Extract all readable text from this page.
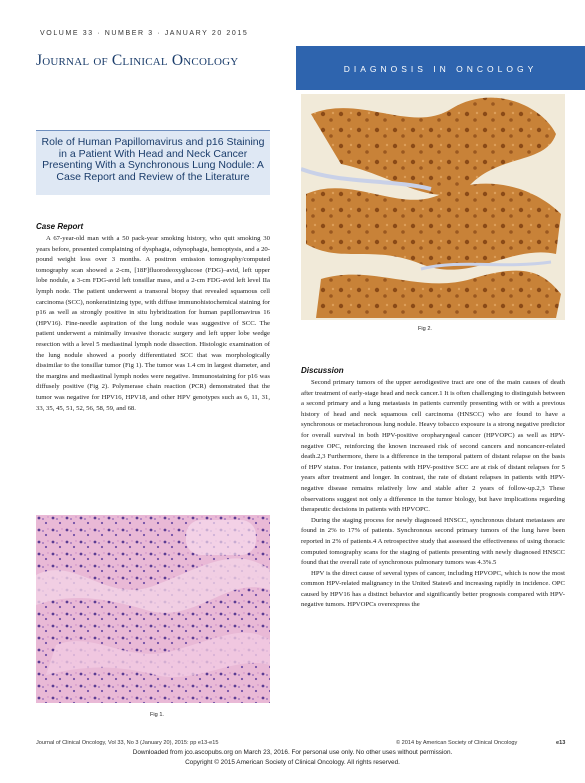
VOLUME 33 · NUMBER 3 · JANUARY 20 2015
Journal of Clinical Oncology	DIAGNOSIS IN ONCOLOGY
Role of Human Papillomavirus and p16 Staining in a Patient With Head and Neck Cancer Presenting With a Synchronous Lung Nodule: A Case Report and Review of the Literature
Case Report

A 67-year-old man with a 50 pack-year smoking history, who quit smoking 30 years before, presented complaining of dysphagia, odynophagia, hemoptysis, and a 20-pound weight loss over 3 months. A positron emission tomography/computed tomography scan showed a 2-cm, [18F]fluorodeoxyglucose (FDG)–avid, left upper lobe nodule, a 3-cm FDG-avid left tonsillar mass, and a 2-cm FDG-avid left level IIa lymph node. The patient underwent a transoral biopsy that revealed squamous cell carcinoma (SCC), nonkeratinizing type, with diffuse immunohistochemical staining for p16 as well as strongly positive in situ hybridization for human papillomavirus 16 (HPV16). Fine-needle aspiration of the lung nodule was suggestive of SCC. The patient underwent a minimally invasive thoracic surgery and left upper lobe wedge resection with a level 5 mediastinal lymph node dissection. Histologic examination of the lung nodule showed a poorly differentiated SCC that was morphologically dissimilar to the tonsillar tumor (Fig 1). The tumor was 1.4 cm in largest diameter, and the margins and mediastinal lymph nodes were negative. Immunostaining for p16 was diffusely positive (Fig 2). Polymerase chain reaction (PCR) demonstrated that the tumor was negative for HPV16, HPV18, and other HPV genotypes such as 6, 11, 31, 33, 35, 45, 51, 52, 56, 58, 59, and 68.

Fig 1.
Fig 2.
Discussion

Second primary tumors of the upper aerodigestive tract are one of the main causes of death after treatment of early-stage head and neck cancer.1 It is often challenging to distinguish between a second primary and a lung metastasis in patients currently presenting with or with a previous history of head and neck squamous cell carcinoma (HNSCC) who are found to have a synchronous or metachronous lung nodule. Heavy tobacco exposure is a strong negative predictor for overall survival in both HPV-positive oropharyngeal cancer (HPVOPC) as well as HPV-negative OPC, reinforcing the known increased risk of second cancers and noncancer-related death.2,3 Furthermore, there is a difference in the temporal pattern of distant relapse on the basis of HPV status. For instance, patients with HPV-positive SCC are at risk of distant relapses for 5 years after treatment and longer. In contrast, the rate of distant relapses in patients with HPV-negative disease remains relatively low and stable after 2 years of follow-up.2,3 These observations suggest not only a difference in the tumor biology, but have implications regarding therapeutic decisions in patients with HPVOPC.

During the staging process for newly diagnosed HNSCC, synchronous distant metastases are found in 2% to 17% of patients. Synchronous second primary tumors of the lung have been reported in 2% of patients.4 A retrospective study that assessed the effectiveness of using thoracic computed tomography scans for the staging of patients presenting with newly diagnosed HNSCC found that the overall rate of synchronous pulmonary tumors was 4.3%.5

HPV is the direct cause of several types of cancer, including HPVOPC, which is now the most common HPV-related malignancy in the United States6 and increasing rapidly in incidence. OPC caused by HPV16 has a distinct behavior and significantly better prognosis compared with HPV-negative tumors. HPVOPCs overexpress the

Journal of Clinical Oncology, Vol 33, No 3 (January 20), 2015: pp e13-e15	© 2014 by American Society of Clinical Oncology	e13
Downloaded from jco.ascopubs.org on March 23, 2016. For personal use only. No other uses without permission.
Copyright © 2015 American Society of Clinical Oncology. All rights reserved.
